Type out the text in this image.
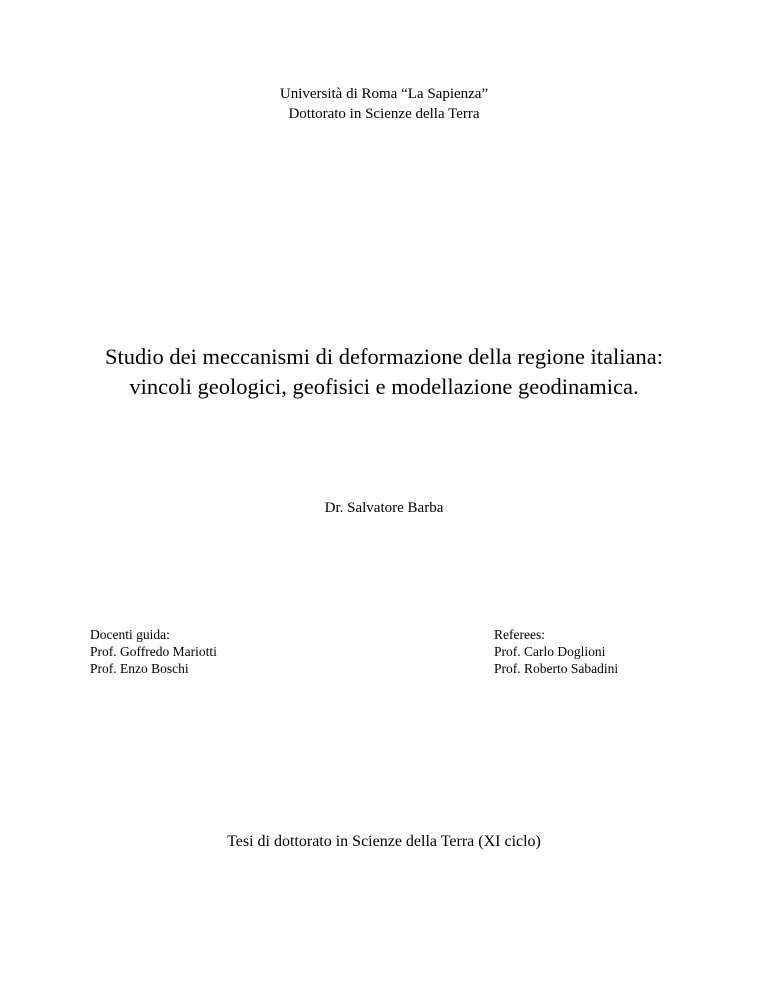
Università di Roma “La Sapienza”
Dottorato in Scienze della Terra
Studio dei meccanismi di deformazione della regione italiana:
vincoli geologici, geofisici e modellazione geodinamica.
Dr. Salvatore Barba
Docenti guida:
Prof. Goffredo Mariotti
Prof. Enzo Boschi
Referees:
Prof. Carlo Doglioni
Prof. Roberto Sabadini
Tesi di dottorato in Scienze della Terra (XI ciclo)
